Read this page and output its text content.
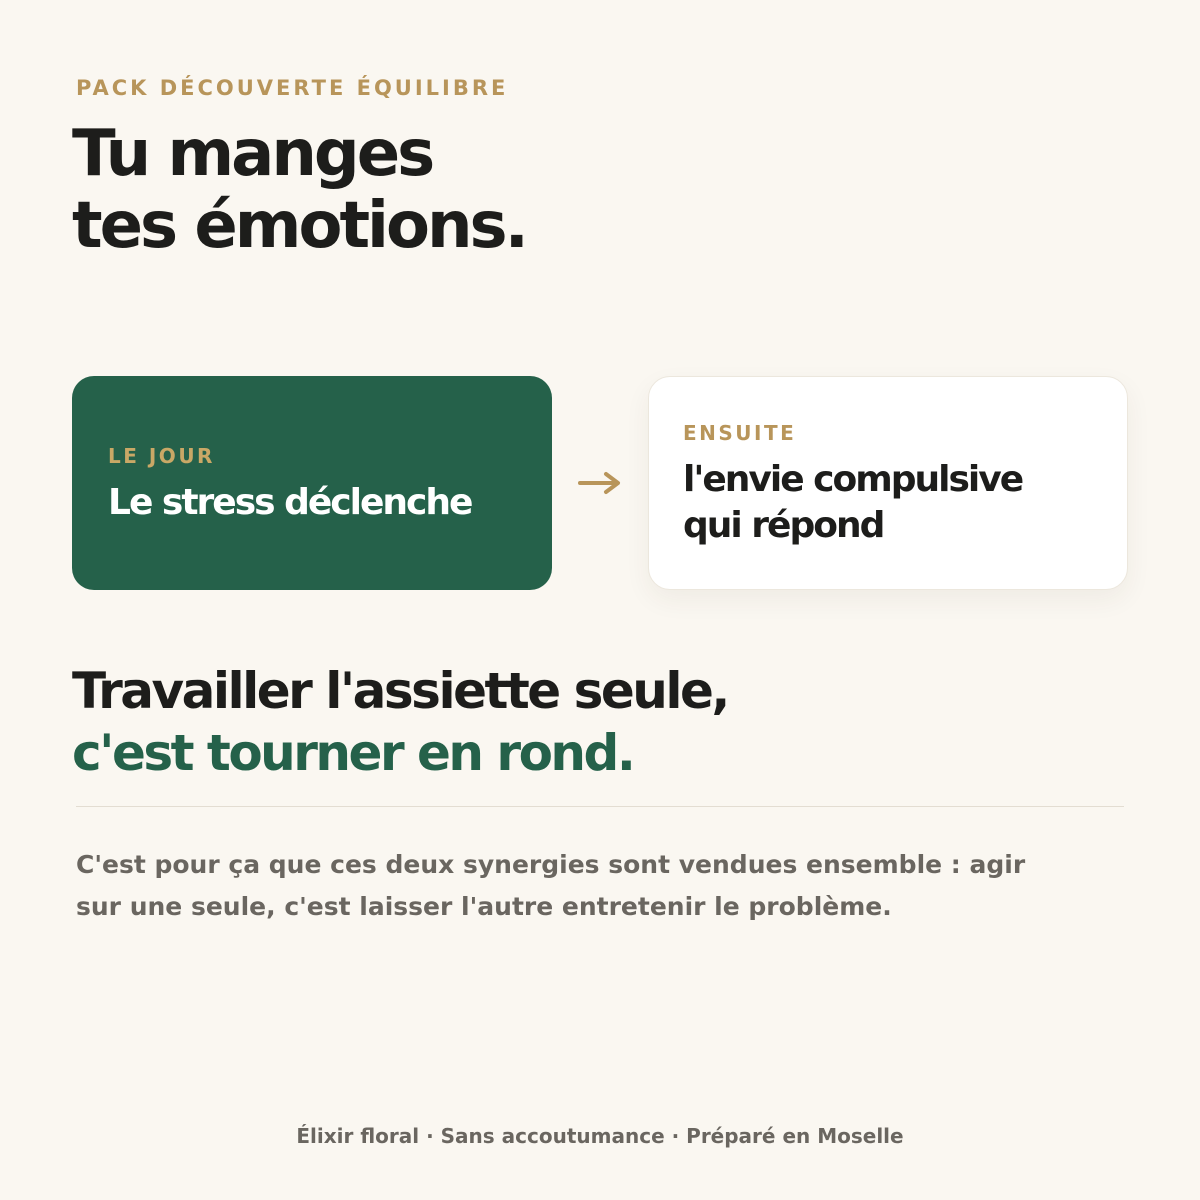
PACK DÉCOUVERTE ÉQUILIBRE
Tu manges
tes émotions.
LE JOUR
Le stress déclenche
ENSUITE
l'envie compulsive
qui répond
Travailler l'assiette seule,
c'est tourner en rond.

C'est pour ça que ces deux synergies sont vendues ensemble : agir
sur une seule, c'est laisser l'autre entretenir le problème.

Élixir floral · Sans accoutumance · Préparé en Moselle
